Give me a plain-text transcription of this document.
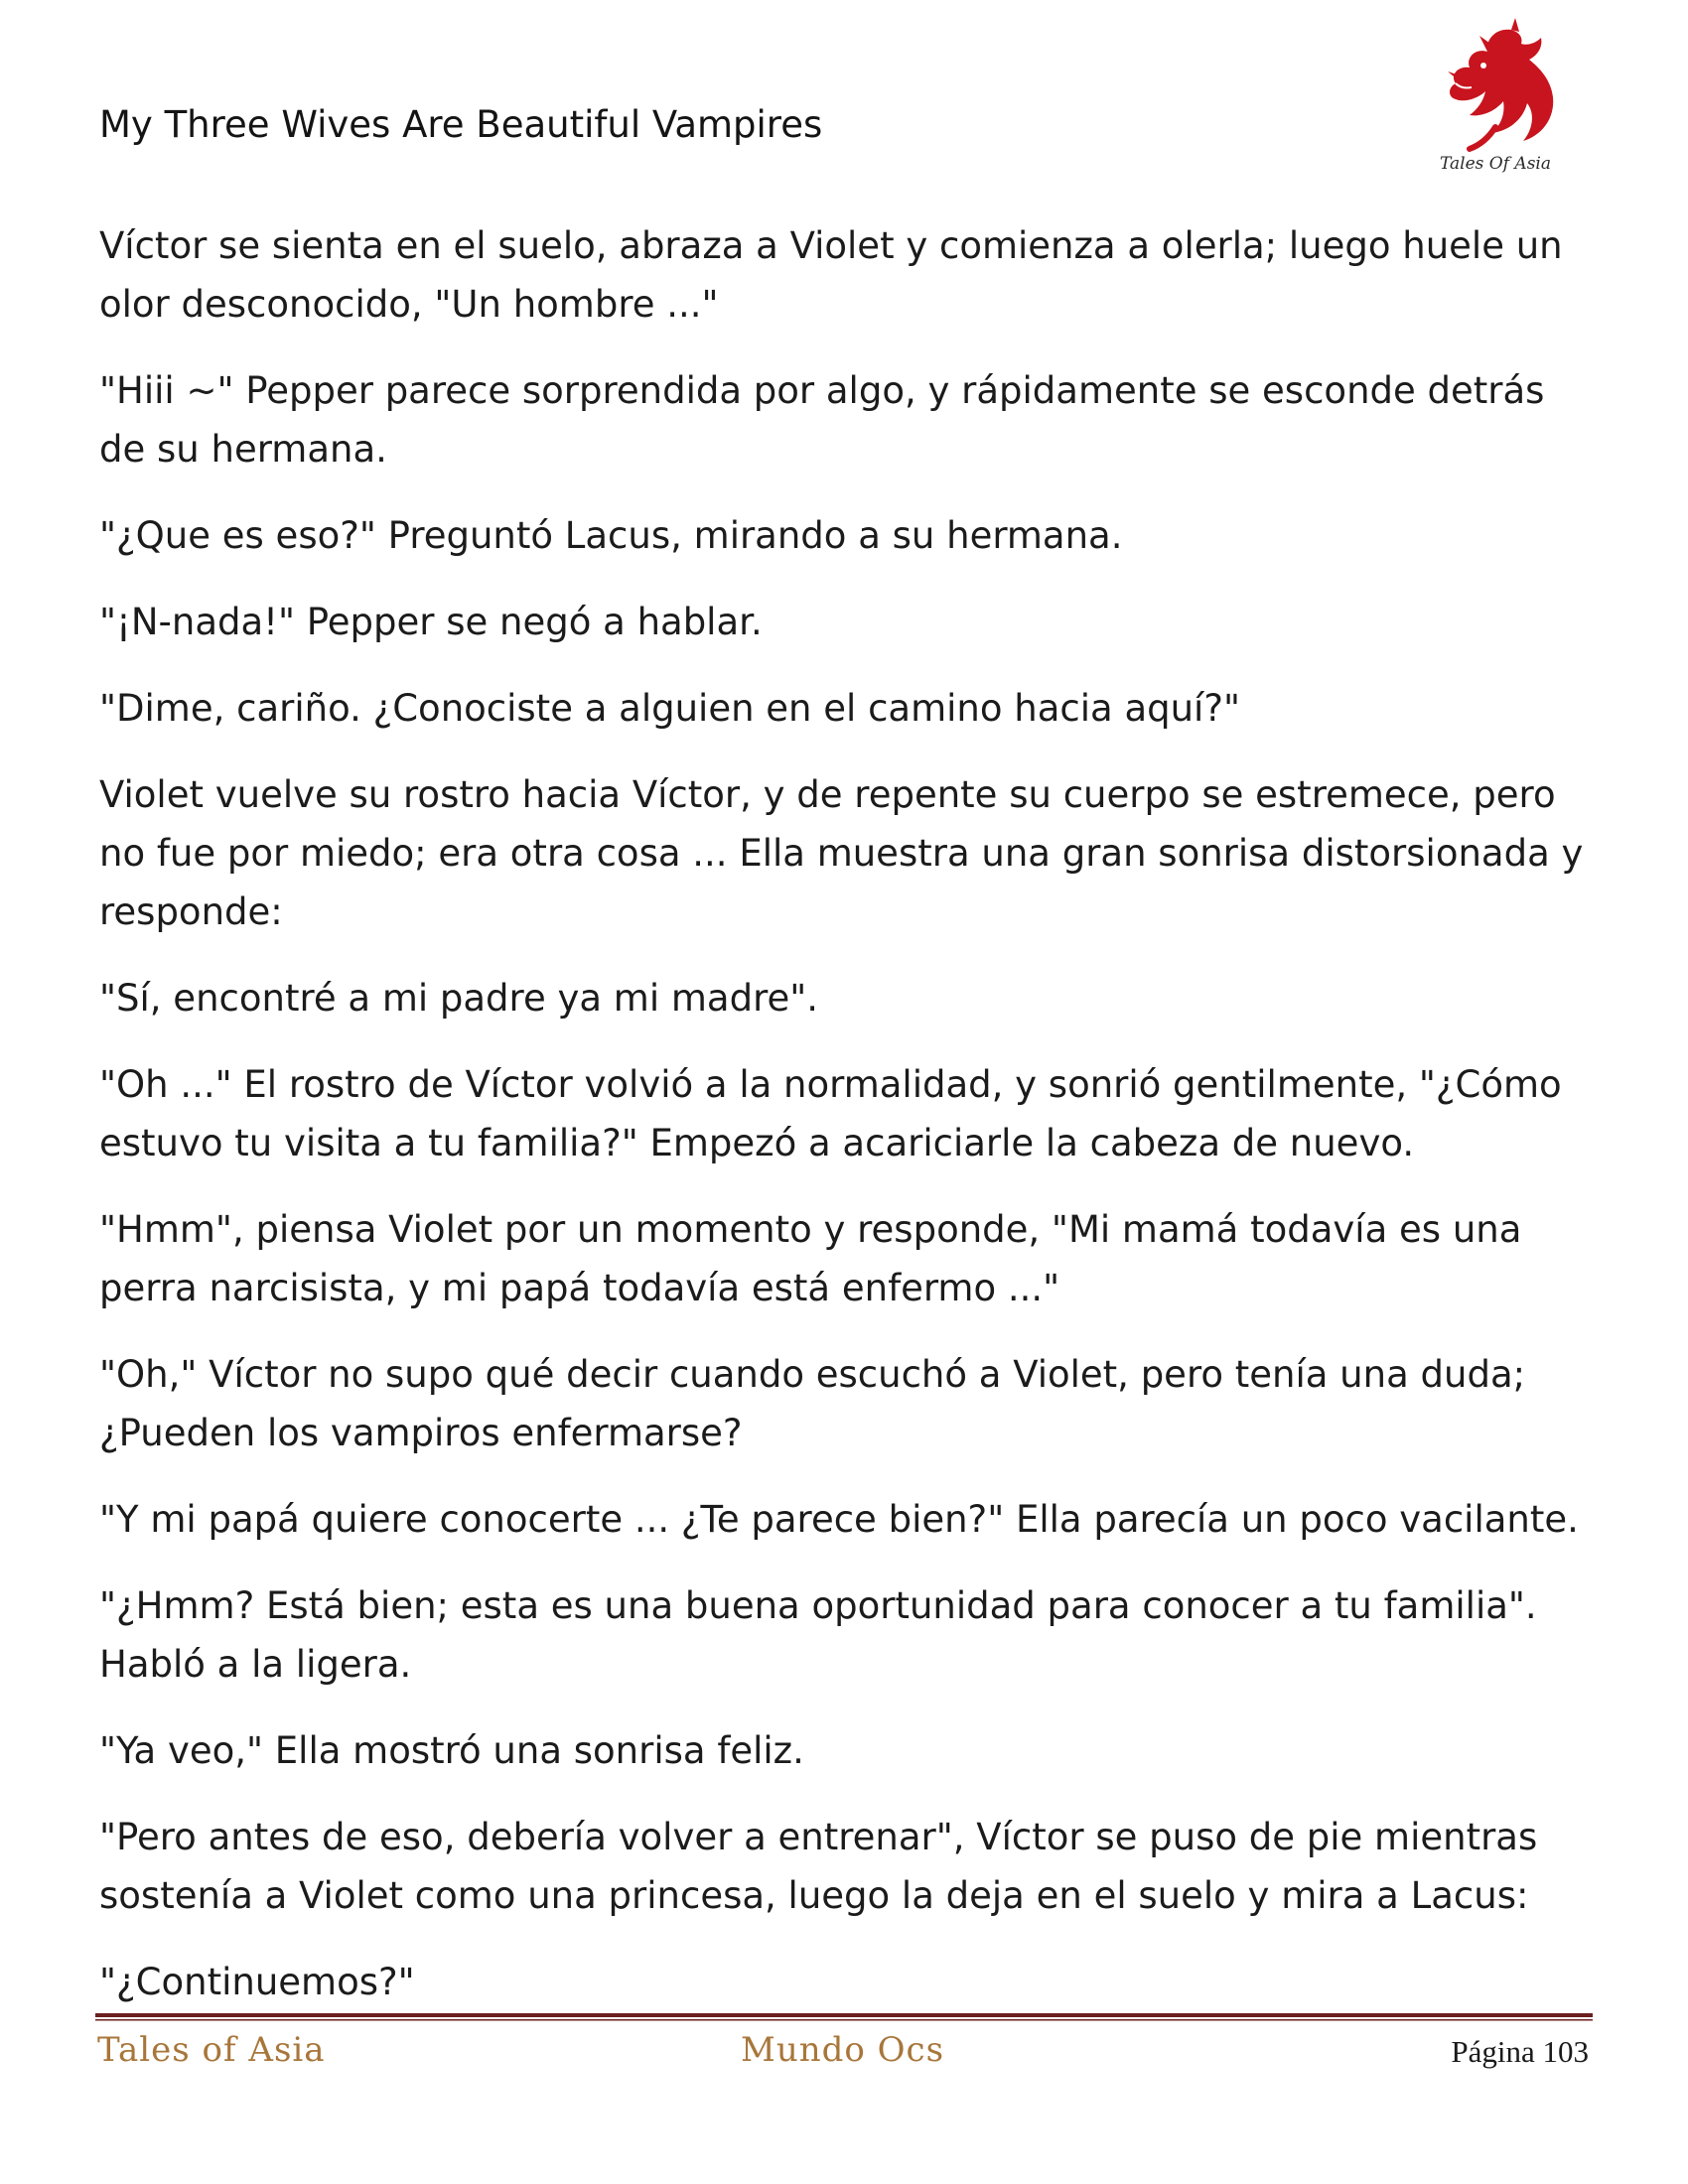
My Three Wives Are Beautiful Vampires
Tales Of Asia

Víctor se sienta en el suelo, abraza a Violet y comienza a olerla; luego huele un olor desconocido, "Un hombre ..."

"Hiii ~" Pepper parece sorprendida por algo, y rápidamente se esconde detrás de su hermana.

"¿Que es eso?" Preguntó Lacus, mirando a su hermana.

"¡N-nada!" Pepper se negó a hablar.

"Dime, cariño. ¿Conociste a alguien en el camino hacia aquí?"

Violet vuelve su rostro hacia Víctor, y de repente su cuerpo se estremece, pero no fue por miedo; era otra cosa ... Ella muestra una gran sonrisa distorsionada y responde:

"Sí, encontré a mi padre ya mi madre".

"Oh ..." El rostro de Víctor volvió a la normalidad, y sonrió gentilmente, "¿Cómo estuvo tu visita a tu familia?" Empezó a acariciarle la cabeza de nuevo.

"Hmm", piensa Violet por un momento y responde, "Mi mamá todavía es una perra narcisista, y mi papá todavía está enfermo ..."

"Oh," Víctor no supo qué decir cuando escuchó a Violet, pero tenía una duda; ¿Pueden los vampiros enfermarse?

"Y mi papá quiere conocerte ... ¿Te parece bien?" Ella parecía un poco vacilante.

"¿Hmm? Está bien; esta es una buena oportunidad para conocer a tu familia". Habló a la ligera.

"Ya veo," Ella mostró una sonrisa feliz.

"Pero antes de eso, debería volver a entrenar", Víctor se puso de pie mientras sostenía a Violet como una princesa, luego la deja en el suelo y mira a Lacus:

"¿Continuemos?"

Tales of Asia	Mundo Ocs	Página 103
